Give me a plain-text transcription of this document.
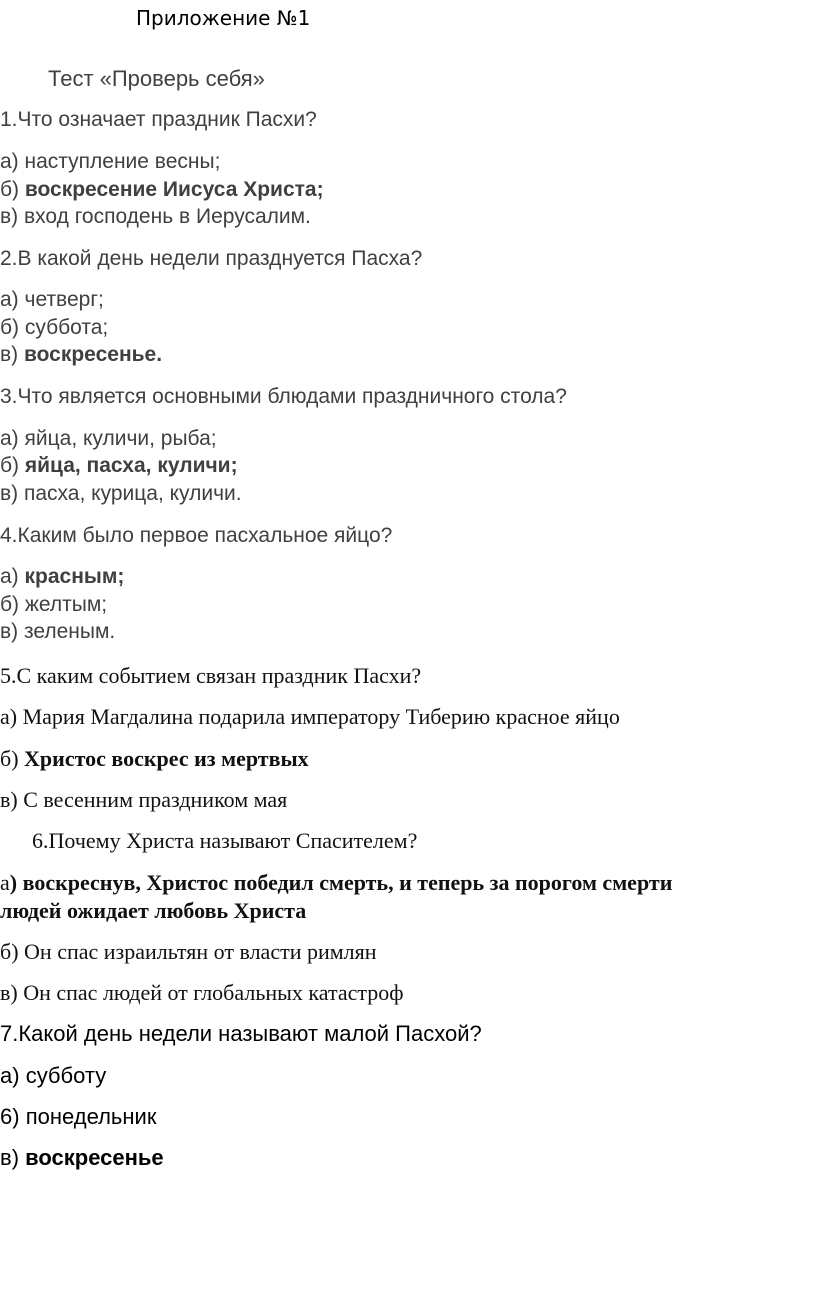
Приложение №1
Тест «Проверь себя»
1.Что означает праздник Пасхи?
а) наступление весны;
б) воскресение Иисуса Христа;
в) вход господень в Иерусалим.
2.В какой день недели празднуется Пасха?
а) четверг;
б) суббота;
в) воскресенье.
3.Что является основными блюдами праздничного стола?
а) яйца, куличи, рыба;
б) яйца, пасха, куличи;
в) пасха, курица, куличи.
4.Каким было первое пасхальное яйцо?
а) красным;
б) желтым;
в) зеленым.
5.С каким событием связан праздник Пасхи?
а) Мария Магдалина подарила императору Тиберию красное яйцо
б) Христос воскрес из мертвых
в) С весенним праздником мая
6.Почему Христа называют Спасителем?
а) воскреснув, Христос победил смерть, и теперь за порогом смерти
людей ожидает любовь Христа
б) Он спас израильтян от власти римлян
в) Он спас людей от глобальных катастроф
7.Какой день недели называют малой Пасхой?
а) субботу
6) понедельник
в) воскресенье
